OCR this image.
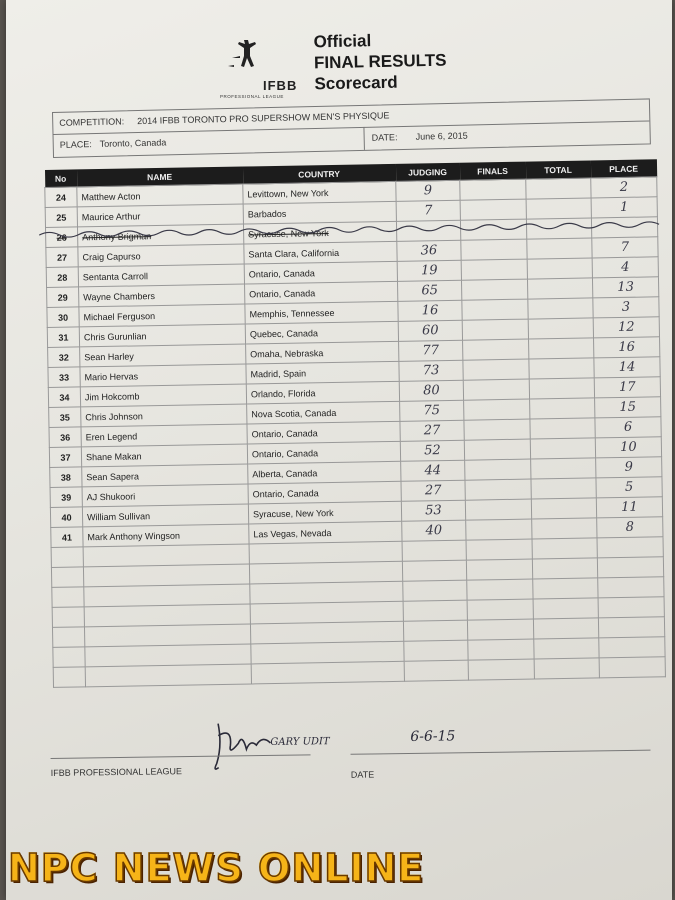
IFBB
PROFESSIONAL LEAGUE
Official
FINAL RESULTS
Scorecard
COMPETITION: 2014 IFBB TORONTO PRO SUPERSHOW MEN'S PHYSIQUE
PLACE: Toronto, Canada	DATE: June 6, 2015
No	NAME	COUNTRY	JUDGING	FINALS	TOTAL	PLACE
24	Matthew Acton	Levittown, New York	9			2
25	Maurice Arthur	Barbados	7			1
26	Anthony Brigman	Syracuse, New York				
27	Craig Capurso	Santa Clara, California	36			7
28	Sentanta Carroll	Ontario, Canada	19			4
29	Wayne Chambers	Ontario, Canada	65			13
30	Michael Ferguson	Memphis, Tennessee	16			3
31	Chris Gurunlian	Quebec, Canada	60			12
32	Sean Harley	Omaha, Nebraska	77			16
33	Mario Hervas	Madrid, Spain	73			14
34	Jim Hokcomb	Orlando, Florida	80			17
35	Chris Johnson	Nova Scotia, Canada	75			15
36	Eren Legend	Ontario, Canada	27			6
37	Shane Makan	Ontario, Canada	52			10
38	Sean Sapera	Alberta, Canada	44			9
39	AJ Shukoori	Ontario, Canada	27			5
40	William Sullivan	Syracuse, New York	53			11
41	Mark Anthony Wingson	Las Vegas, Nevada	40			8

GARY UDIT	6-6-15
IFBB PROFESSIONAL LEAGUE	DATE
NPC NEWS ONLINE
